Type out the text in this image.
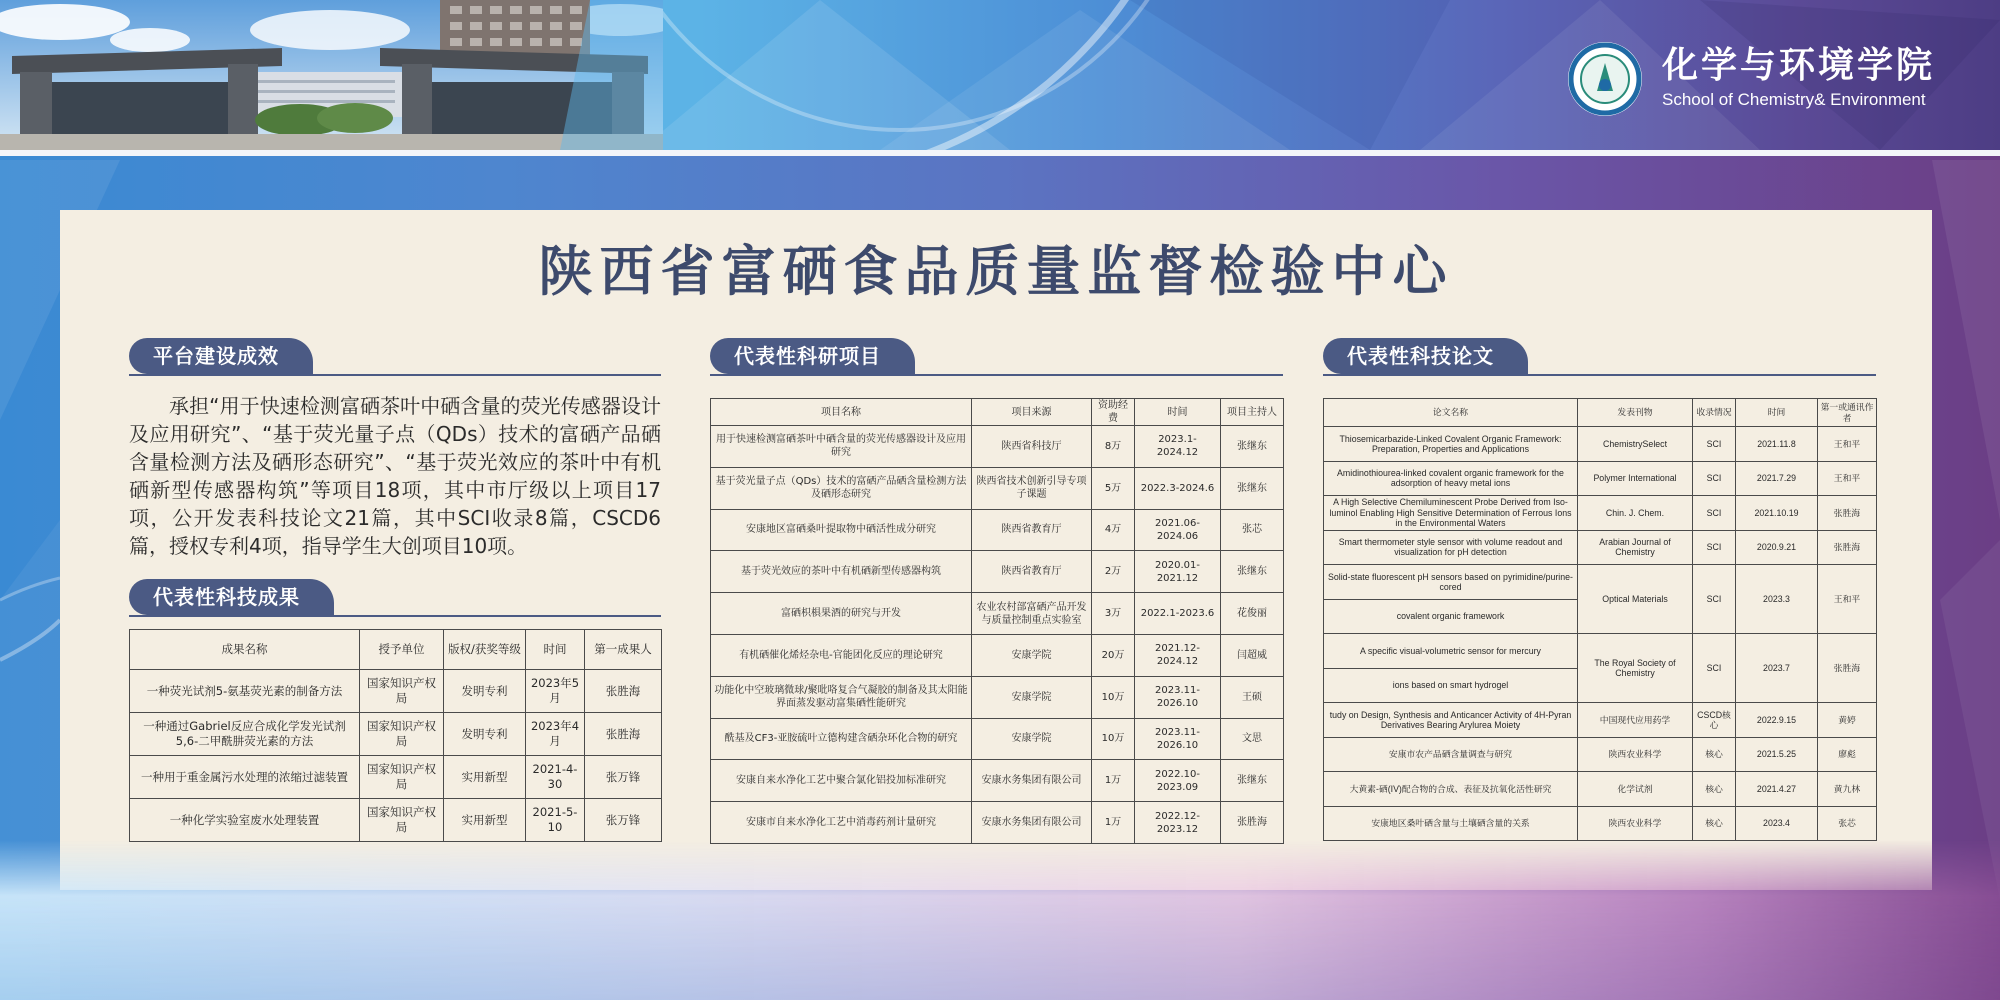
化学与环境学院
School of Chemistry& Environment
陕西省富硒食品质量监督检验中心
平台建设成效
承担“用于快速检测富硒茶叶中硒含量的荧光传感器设计及应用研究”、“基于荧光量子点（QDs）技术的富硒产品硒含量检测方法及硒形态研究”、“基于荧光效应的茶叶中有机硒新型传感器构筑”等项目18项，其中市厅级以上项目17项，公开发表科技论文21篇，其中SCI收录8篇，CSCD6篇，授权专利4项，指导学生大创项目10项。
代表性科技成果
成果名称	授予单位	版权/获奖等级	时间	第一成果人
一种荧光试剂5-氨基荧光素的制备方法	国家知识产权局	发明专利	2023年5月	张胜海
一种通过Gabriel反应合成化学发光试剂5,6-二甲酰肼荧光素的方法	国家知识产权局	发明专利	2023年4月	张胜海
一种用于重金属污水处理的浓缩过滤装置	国家知识产权局	实用新型	2021-4-30	张万锋
一种化学实验室废水处理装置	国家知识产权局	实用新型	2021-5-10	张万锋
代表性科研项目
项目名称	项目来源	资助经费	时间	项目主持人
用于快速检测富硒茶叶中硒含量的荧光传感器设计及应用研究	陕西省科技厅	8万	2023.1-2024.12	张继东
基于荧光量子点（QDs）技术的富硒产品硒含量检测方法及硒形态研究	陕西省技术创新引导专项子课题	5万	2022.3-2024.6	张继东
安康地区富硒桑叶提取物中硒活性成分研究	陕西省教育厅	4万	2021.06-2024.06	张芯
基于荧光效应的茶叶中有机硒新型传感器构筑	陕西省教育厅	2万	2020.01-2021.12	张继东
富硒枳椇果酒的研究与开发	农业农村部富硒产品开发与质量控制重点实验室	3万	2022.1-2023.6	花俊丽
有机硒催化烯烃杂电-官能团化反应的理论研究	安康学院	20万	2021.12-2024.12	闫超威
功能化中空玻璃微球/聚吡咯复合气凝胶的制备及其太阳能界面蒸发驱动富集硒性能研究	安康学院	10万	2023.11-2026.10	王硕
酰基及CF3-亚胺硫叶立德构建含硒杂环化合物的研究	安康学院	10万	2023.11-2026.10	文思
安康自来水净化工艺中聚合氯化铝投加标准研究	安康水务集团有限公司	1万	2022.10-2023.09	张继东
安康市自来水净化工艺中消毒药剂计量研究	安康水务集团有限公司	1万	2022.12-2023.12	张胜海
代表性科技论文
论文名称	发表刊物	收录情况	时间	第一或通讯作者
Thiosemicarbazide-Linked Covalent Organic Framework: Preparation, Properties and Applications	ChemistrySelect	SCI	2021.11.8	王和平
Amidinothiourea-linked covalent organic framework for the adsorption of heavy metal ions	Polymer International	SCI	2021.7.29	王和平
A High Selective Chemiluminescent Probe Derived from Iso-luminol Enabling High Sensitive Determination of Ferrous Ions in the Environmental Waters	Chin. J. Chem.	SCI	2021.10.19	张胜海
Smart thermometer style sensor with volume readout and visualization for pH detection	Arabian Journal of Chemistry	SCI	2020.9.21	张胜海
Solid-state fluorescent pH sensors based on pyrimidine/purine-cored	Optical Materials	SCI	2023.3	王和平
covalent organic framework				
A specific visual-volumetric sensor for mercury	The Royal Society of Chemistry	SCI	2023.7	张胜海
ions based on smart hydrogel				
tudy on Design, Synthesis and Anticancer Activity of 4H-Pyran Derivatives Bearing Arylurea Moiety	中国现代应用药学	CSCD核心	2022.9.15	黄婷
安康市农产品硒含量调查与研究	陕西农业科学	核心	2021.5.25	廖彪
大黄素-硒(IV)配合物的合成、表征及抗氧化活性研究	化学试剂	核心	2021.4.27	黄九林
安康地区桑叶硒含量与土壤硒含量的关系	陕西农业科学	核心	2023.4	张芯
